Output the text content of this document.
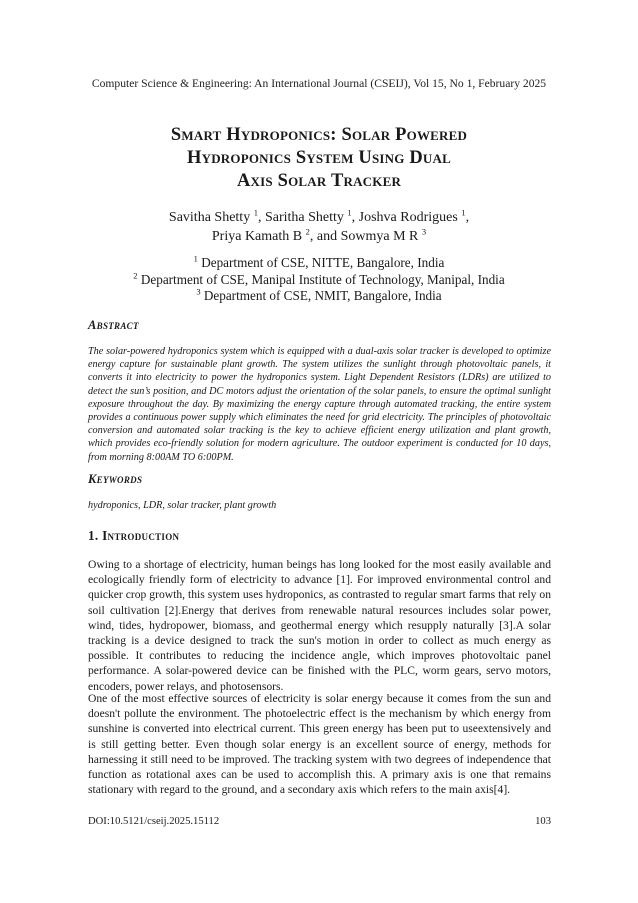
Computer Science & Engineering: An International Journal (CSEIJ), Vol 15, No 1, February 2025
Smart Hydroponics: Solar Powered
Hydroponics System Using Dual
Axis Solar Tracker
Savitha Shetty $^1$, Saritha Shetty $^1$, Joshva Rodrigues $^1$,
Priya Kamath B $^2$, and Sowmya M R $^3$
$^1$ Department of CSE, NITTE, Bangalore, India
$^2$ Department of CSE, Manipal Institute of Technology, Manipal, India
$^3$ Department of CSE, NMIT, Bangalore, India
Abstract
The solar-powered hydroponics system which is equipped with a dual-axis solar tracker is developed to optimize energy capture for sustainable plant growth. The system utilizes the sunlight through photovoltaic panels, it converts it into electricity to power the hydroponics system. Light Dependent Resistors (LDRs) are utilized to detect the sun’s position, and DC motors adjust the orientation of the solar panels, to ensure the optimal sunlight exposure throughout the day. By maximizing the energy capture through automated tracking, the entire system provides a continuous power supply which eliminates the need for grid electricity. The principles of photovoltaic conversion and automated solar tracking is the key to achieve efficient energy utilization and plant growth, which provides eco-friendly solution for modern agriculture. The outdoor experiment is conducted for 10 days, from morning 8:00AM TO 6:00PM.
Keywords
hydroponics, LDR, solar tracker, plant growth
1. Introduction
Owing to a shortage of electricity, human beings has long looked for the most easily available and ecologically friendly form of electricity to advance [1]. For improved environmental control and quicker crop growth, this system uses hydroponics, as contrasted to regular smart farms that rely on soil cultivation [2].Energy that derives from renewable natural resources includes solar power, wind, tides, hydropower, biomass, and geothermal energy which resupply naturally [3].A solar tracking is a device designed to track the sun's motion in order to collect as much energy as possible. It contributes to reducing the incidence angle, which improves photovoltaic panel performance. A solar-powered device can be finished with the PLC, worm gears, servo motors, encoders, power relays, and photosensors.
One of the most effective sources of electricity is solar energy because it comes from the sun and doesn't pollute the environment. The photoelectric effect is the mechanism by which energy from sunshine is converted into electrical current. This green energy has been put to useextensively and is still getting better. Even though solar energy is an excellent source of energy, methods for harnessing it still need to be improved. The tracking system with two degrees of independence that function as rotational axes can be used to accomplish this. A primary axis is one that remains stationary with regard to the ground, and a secondary axis which refers to the main axis[4].
DOI:10.5121/cseij.2025.15112	103
